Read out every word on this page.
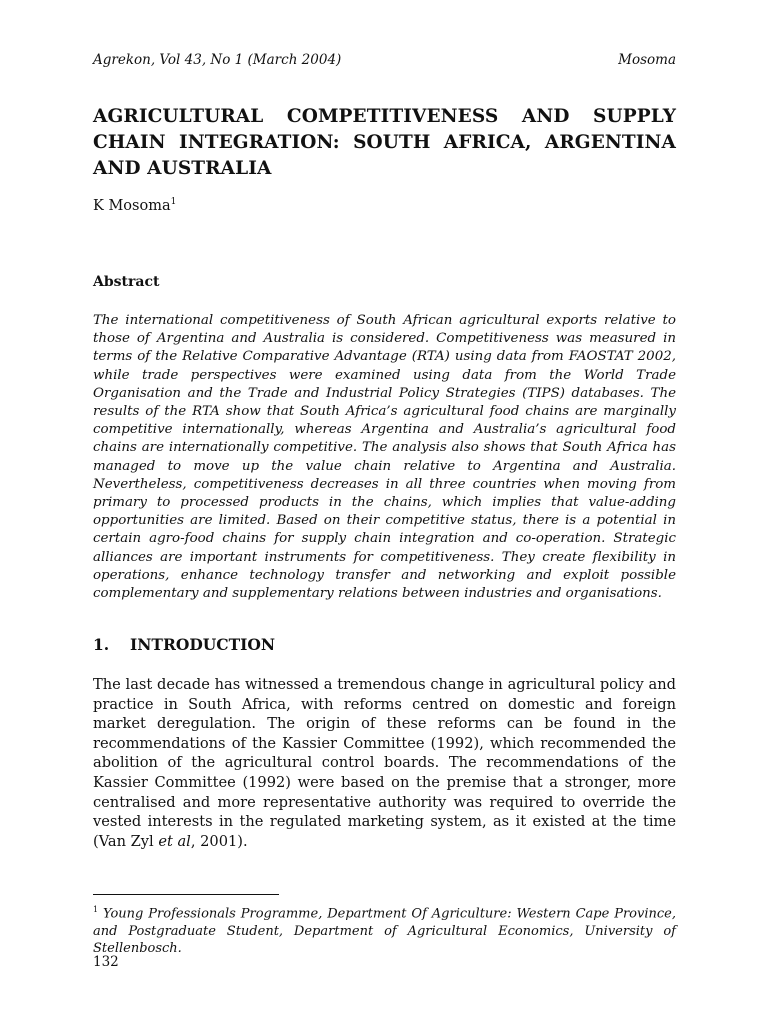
Agrekon, Vol 43, No 1 (March 2004)	Mosoma
AGRICULTURAL COMPETITIVENESS AND SUPPLY CHAIN INTEGRATION: SOUTH AFRICA, ARGENTINA AND AUSTRALIA
K Mosoma$^1$
Abstract
The international competitiveness of South African agricultural exports relative to those of Argentina and Australia is considered. Competitiveness was measured in terms of the Relative Comparative Advantage (RTA) using data from FAOSTAT 2002, while trade perspectives were examined using data from the World Trade Organisation and the Trade and Industrial Policy Strategies (TIPS) databases. The results of the RTA show that South Africa’s agricultural food chains are marginally competitive internationally, whereas Argentina and Australia’s agricultural food chains are internationally competitive. The analysis also shows that South Africa has managed to move up the value chain relative to Argentina and Australia. Nevertheless, competitiveness decreases in all three countries when moving from primary to processed products in the chains, which implies that value-adding opportunities are limited. Based on their competitive status, there is a potential in certain agro-food chains for supply chain integration and co-operation. Strategic alliances are important instruments for competitiveness. They create flexibility in operations, enhance technology transfer and networking and exploit possible complementary and supplementary relations between industries and organisations.
1. INTRODUCTION
The last decade has witnessed a tremendous change in agricultural policy and practice in South Africa, with reforms centred on domestic and foreign market deregulation. The origin of these reforms can be found in the recommendations of the Kassier Committee (1992), which recommended the abolition of the agricultural control boards. The recommendations of the Kassier Committee (1992) were based on the premise that a stronger, more centralised and more representative authority was required to override the vested interests in the regulated marketing system, as it existed at the time (Van Zyl et al, 2001).
$^1$ Young Professionals Programme, Department Of Agriculture: Western Cape Province, and Postgraduate Student, Department of Agricultural Economics, University of Stellenbosch.
132
